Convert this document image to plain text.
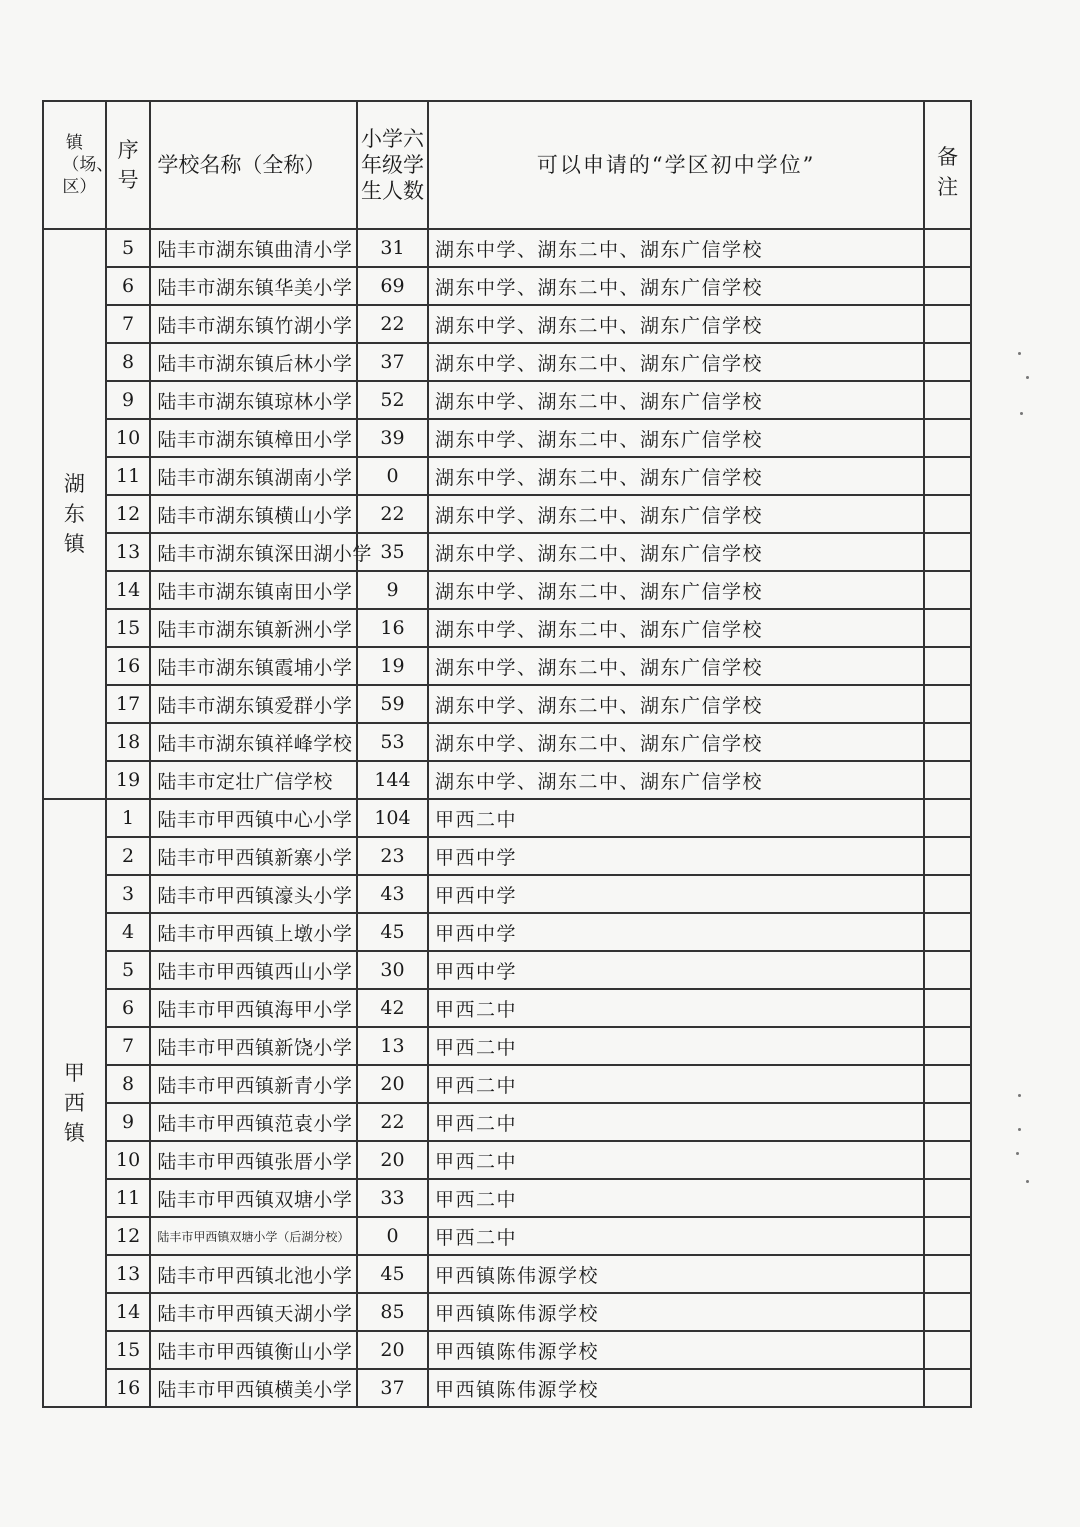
镇（场、区）	序号	学校名称（全称）	小学六年级学生人数	可以申请的“学区初中学位”	备注

湖东镇	5	陆丰市湖东镇曲清小学	31	湖东中学、湖东二中、湖东广信学校	
	6	陆丰市湖东镇华美小学	69	湖东中学、湖东二中、湖东广信学校	
	7	陆丰市湖东镇竹湖小学	22	湖东中学、湖东二中、湖东广信学校	
	8	陆丰市湖东镇后林小学	37	湖东中学、湖东二中、湖东广信学校	
	9	陆丰市湖东镇琼林小学	52	湖东中学、湖东二中、湖东广信学校	
	10	陆丰市湖东镇樟田小学	39	湖东中学、湖东二中、湖东广信学校	
	11	陆丰市湖东镇湖南小学	0	湖东中学、湖东二中、湖东广信学校	
	12	陆丰市湖东镇横山小学	22	湖东中学、湖东二中、湖东广信学校	
	13	陆丰市湖东镇深田湖小学	35	湖东中学、湖东二中、湖东广信学校	
	14	陆丰市湖东镇南田小学	9	湖东中学、湖东二中、湖东广信学校	
	15	陆丰市湖东镇新洲小学	16	湖东中学、湖东二中、湖东广信学校	
	16	陆丰市湖东镇霞埔小学	19	湖东中学、湖东二中、湖东广信学校	
	17	陆丰市湖东镇爱群小学	59	湖东中学、湖东二中、湖东广信学校	
	18	陆丰市湖东镇祥峰学校	53	湖东中学、湖东二中、湖东广信学校	
	19	陆丰市定壮广信学校	144	湖东中学、湖东二中、湖东广信学校	

甲西镇	1	陆丰市甲西镇中心小学	104	甲西二中	
	2	陆丰市甲西镇新寨小学	23	甲西中学	
	3	陆丰市甲西镇濠头小学	43	甲西中学	
	4	陆丰市甲西镇上墩小学	45	甲西中学	
	5	陆丰市甲西镇西山小学	30	甲西中学	
	6	陆丰市甲西镇海甲小学	42	甲西二中	
	7	陆丰市甲西镇新饶小学	13	甲西二中	
	8	陆丰市甲西镇新青小学	20	甲西二中	
	9	陆丰市甲西镇范袁小学	22	甲西二中	
	10	陆丰市甲西镇张厝小学	20	甲西二中	
	11	陆丰市甲西镇双塘小学	33	甲西二中	
	12	陆丰市甲西镇双塘小学（后湖分校）	0	甲西二中	
	13	陆丰市甲西镇北池小学	45	甲西镇陈伟源学校	
	14	陆丰市甲西镇天湖小学	85	甲西镇陈伟源学校	
	15	陆丰市甲西镇衡山小学	20	甲西镇陈伟源学校	
	16	陆丰市甲西镇横美小学	37	甲西镇陈伟源学校	
